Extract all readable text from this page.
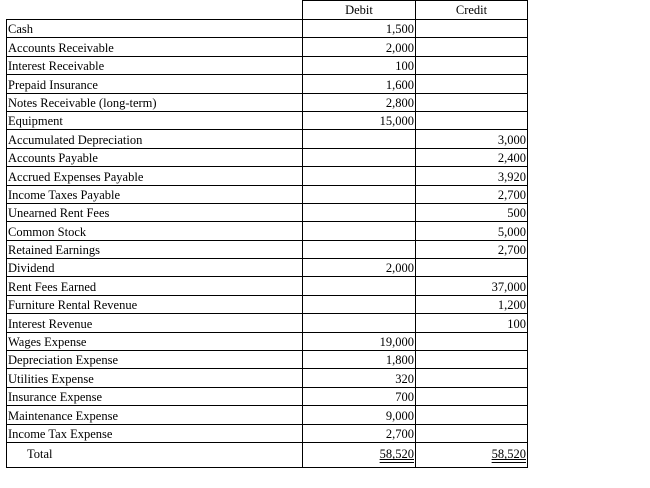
	Debit	Credit
Cash	1,500	
Accounts Receivable	2,000	
Interest Receivable	100	
Prepaid Insurance	1,600	
Notes Receivable (long-term)	2,800	
Equipment	15,000	
Accumulated Depreciation		3,000
Accounts Payable		2,400
Accrued Expenses Payable		3,920
Income Taxes Payable		2,700
Unearned Rent Fees		500
Common Stock		5,000
Retained Earnings		2,700
Dividend	2,000	
Rent Fees Earned		37,000
Furniture Rental Revenue		1,200
Interest Revenue		100
Wages Expense	19,000	
Depreciation Expense	1,800	
Utilities Expense	320	
Insurance Expense	700	
Maintenance Expense	9,000	
Income Tax Expense	2,700	
Total	58,520	58,520
